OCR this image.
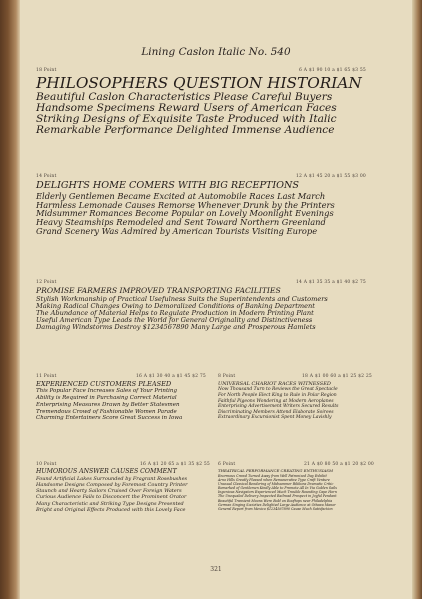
Lining Caslon Italic No. 540
18 Point	6 A $1 90 10 a $1 65 $3 55
PHILOSOPHERS QUESTION HISTORIAN
Beautiful Caslon Characteristics Please Careful Buyers
Handsome Specimens Reward Users of American Faces
Striking Designs of Exquisite Taste Produced with Italic
Remarkable Performance Delighted Immense Audience
14 Point	12 A $1 45 20 a $1 55 $3 00
DELIGHTS HOME COMERS WITH BIG RECEPTIONS
Elderly Gentlemen Became Excited at Automobile Races Last March
Harmless Lemonade Causes Remorse Whenever Drunk by the Printers
Midsummer Romances Become Popular on Lovely Moonlight Evenings
Heavy Steamships Remodeled and Sent Toward Northern Greenland
Grand Scenery Was Admired by American Tourists Visiting Europe
12 Point	14 A $1 35 35 a $1 40 $2 75
PROMISE FARMERS IMPROVED TRANSPORTING FACILITIES
Stylish Workmanship of Practical Usefulness Suits the Superintendents and Customers
Making Radical Changes Owing to Demoralized Conditions of Banking Department
The Abundance of Material Helps to Regulate Production in Modern Printing Plant
Useful American Type Leads the World for General Originality and Distinctiveness
Damaging Windstorms Destroy $1234567890 Many Large and Prosperous Hamlets
11 Point	16 A $1 30 40 a $1 45 $2 75
EXPERIENCED CUSTOMERS PLEASED
This Popular Face Increases Sales of Your Printing
Ability is Required in Purchasing Correct Material
Enterprising Measures Drawn by Better Statesmen
Tremendous Crowd of Fashionable Women Parade
Charming Entertainers Score Great Success in Iowa
8 Point	18 A $1 00 60 a $1 25 $2 25
UNIVERSAL CHARIOT RACES WITNESSED
Now Thousand Turn to Reviews the Great Spectacle
For North People Elect King to Rule in Polar Region
Faithful Pigeons Wondering at Modern Aeroplanes
Enterprising Advertisement Writers Secured Results
Discriminating Members Attend Elaborate Soirees
Extraordinary Excursionist Spent Money Lavishly
10 Point	16 A $1 20 65 a $1 35 $2 55
HUMOROUS ANSWER CAUSES COMMENT
Found Artificial Lakes Surrounded by Fragrant Rosebushes
Handsome Designs Composed by Foremost Country Printer
Staunch and Hearty Sailors Cruised Over Foreign Waters
Curious Audience Fails to Disconcert the Prominent Orator
Many Characteristic and Striking Type Designs Presented
Bright and Original Effects Produced with this Lovely Face
6 Point	21 A $0 80 50 a $1 20 $2 00
THEATRICAL PERFORMANCE CREATING ENTHUSIASM
Enormous Crowd Turned Away from Well Patronized Day Exhibit
Arno Hills Greatly Pleased when Remunerative Type Craft Venture
Unusual Classical Rendering of Midsummer Ribbons Dramatic Critic
Remarked of Gentlemen Kindly Able to Promote All In Via Golden Sails
Ingenious Navigators Experienced Much Trouble Rounding Cape Horn
The Unequaled Delivery Inspected Railroad Prospect in Joyful Pendant
Beautiful Transient Moons Were Bold on Rooftops near Philadelphia
German Singing Societies Delighted Large Audience at Ottawa Manor
General Report from Mexico $1234567890 Cause Much Satisfaction
321
